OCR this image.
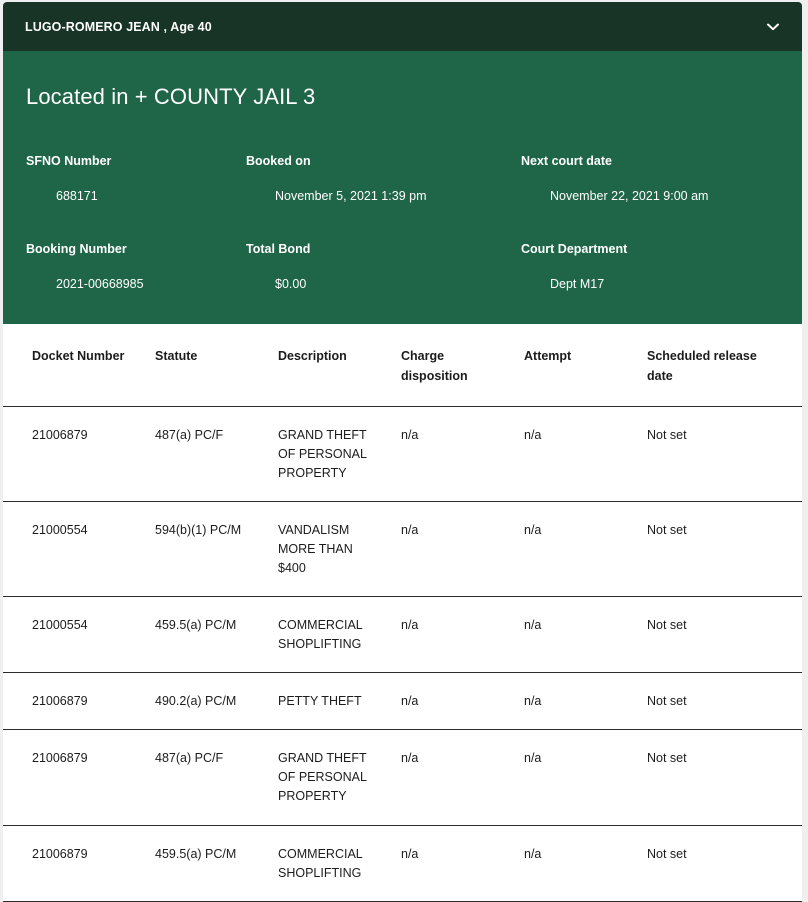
LUGO-ROMERO JEAN , Age 40
Located in + COUNTY JAIL 3
SFNO Number
688171
Booked on
November 5, 2021 1:39 pm
Next court date
November 22, 2021 9:00 am
Booking Number
2021-00668985
Total Bond
$0.00
Court Department
Dept M17
Docket Number	Statute	Description	Charge disposition	Attempt	Scheduled release date
21006879	487(a) PC/F	GRAND THEFT OF PERSONAL PROPERTY	n/a	n/a	Not set
21000554	594(b)(1) PC/M	VANDALISM MORE THAN $400	n/a	n/a	Not set
21000554	459.5(a) PC/M	COMMERCIAL SHOPLIFTING	n/a	n/a	Not set
21006879	490.2(a) PC/M	PETTY THEFT	n/a	n/a	Not set
21006879	487(a) PC/F	GRAND THEFT OF PERSONAL PROPERTY	n/a	n/a	Not set
21006879	459.5(a) PC/M	COMMERCIAL SHOPLIFTING	n/a	n/a	Not set
